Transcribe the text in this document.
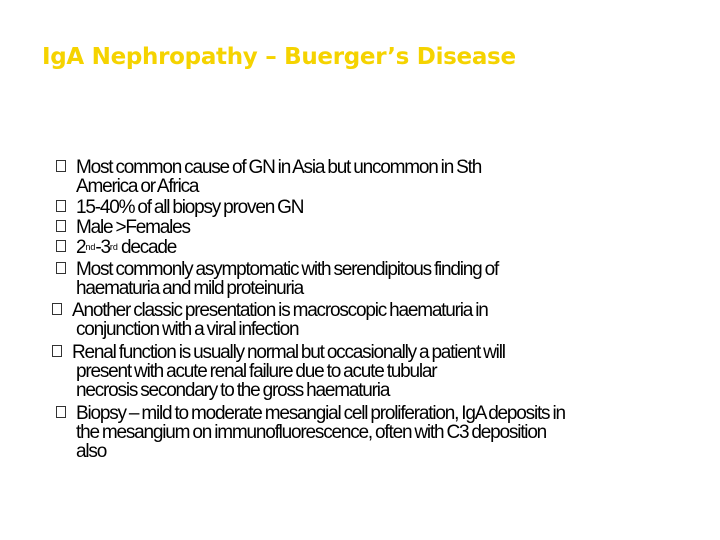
IgA Nephropathy – Buerger’s Disease
Most common cause of GN in Asia but uncommon in Sth
America or Africa
15-40% of all biopsy proven GN
Male >Females
2nd-3rd decade
Most commonly asymptomatic with serendipitous finding of
haematuria and mild proteinuria
Another classic presentation is macroscopic haematuria in
conjunction with a viral infection
Renal function is usually normal but occasionally a patient will
present with acute renal failure due to acute tubular
necrosis secondary to the gross haematuria
Biopsy – mild to moderate mesangial cell proliferation, IgA deposits in
the mesangium on immunofluorescence, often with C3 deposition
also
